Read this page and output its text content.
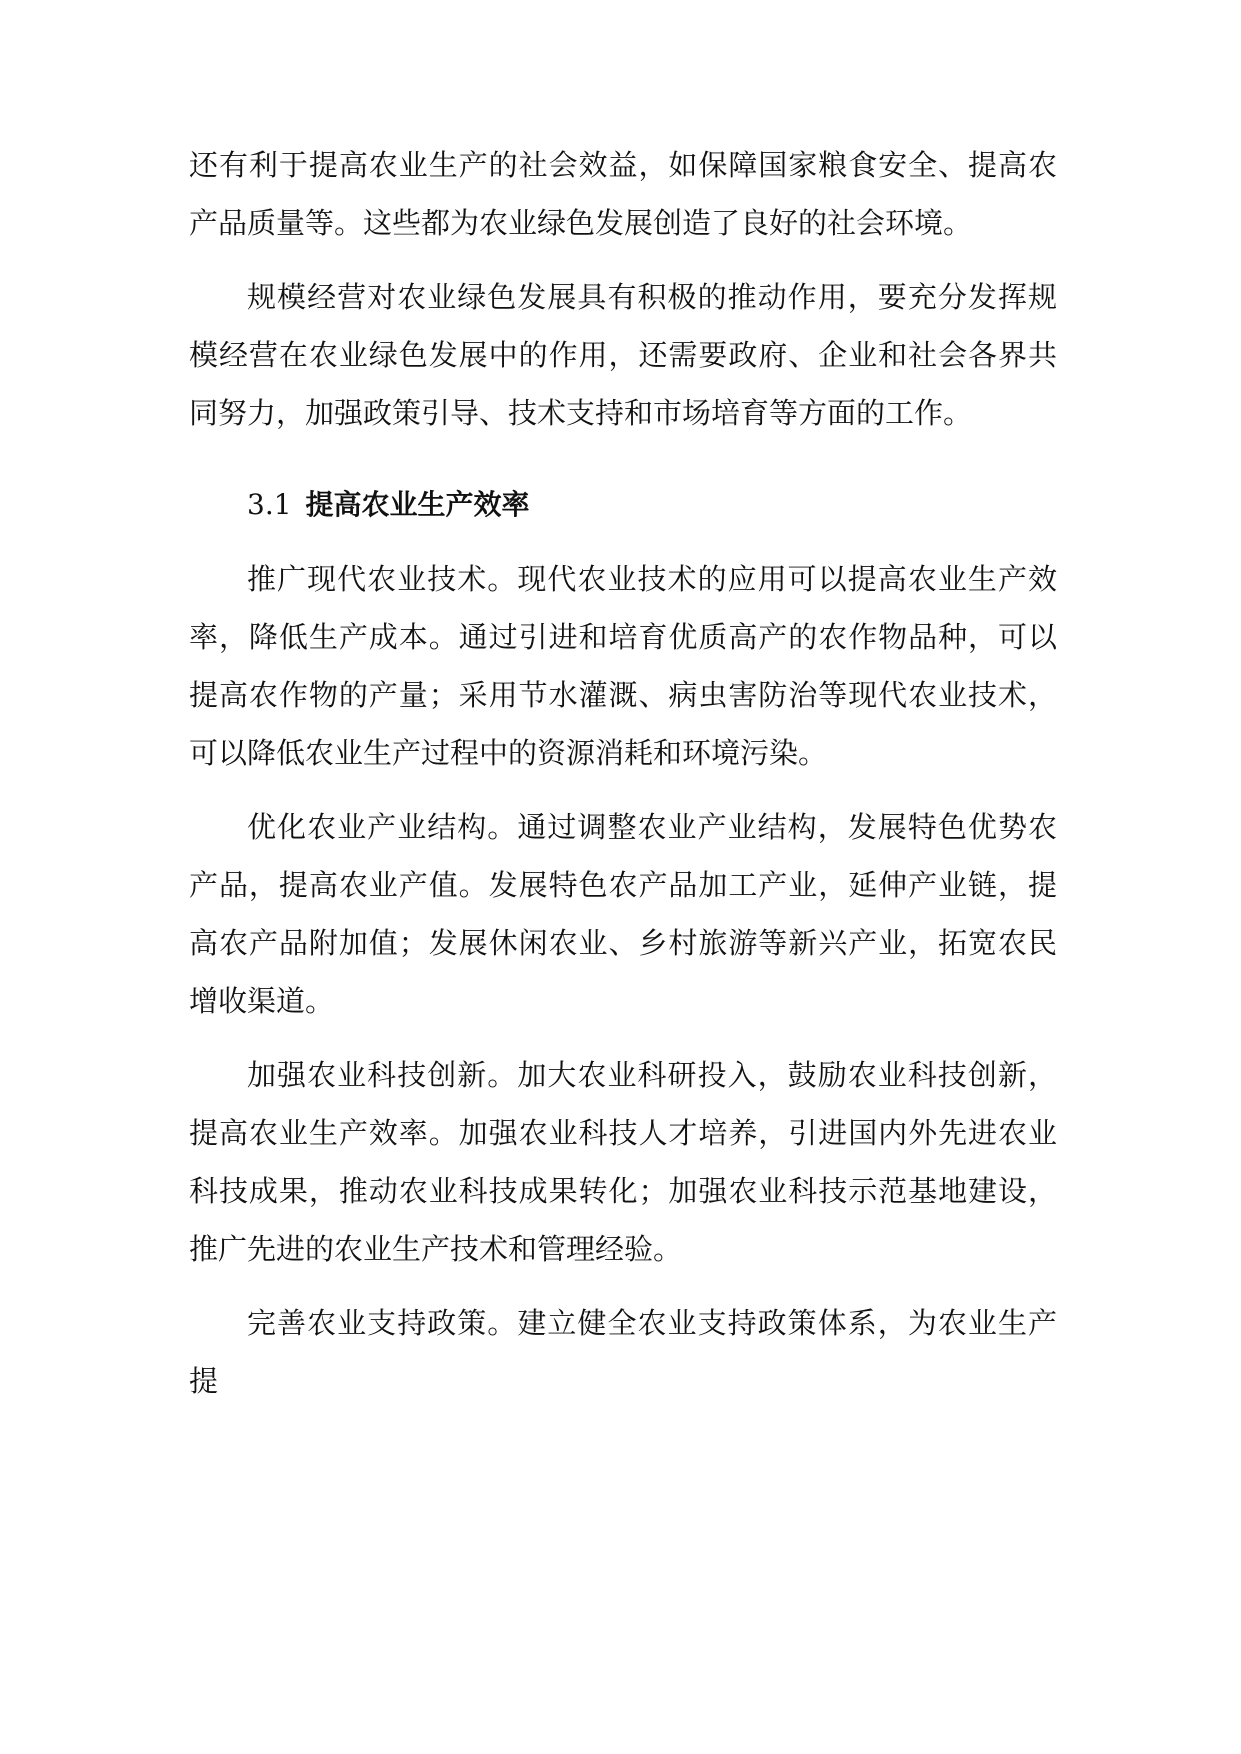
还有利于提高农业生产的社会效益，如保障国家粮食安全、提高农产品质量等。这些都为农业绿色发展创造了良好的社会环境。

规模经营对农业绿色发展具有积极的推动作用，要充分发挥规模经营在农业绿色发展中的作用，还需要政府、企业和社会各界共同努力，加强政策引导、技术支持和市场培育等方面的工作。

3.1 提高农业生产效率

推广现代农业技术。现代农业技术的应用可以提高农业生产效率，降低生产成本。通过引进和培育优质高产的农作物品种，可以提高农作物的产量；采用节水灌溉、病虫害防治等现代农业技术，可以降低农业生产过程中的资源消耗和环境污染。

优化农业产业结构。通过调整农业产业结构，发展特色优势农产品，提高农业产值。发展特色农产品加工产业，延伸产业链，提高农产品附加值；发展休闲农业、乡村旅游等新兴产业，拓宽农民增收渠道。

加强农业科技创新。加大农业科研投入，鼓励农业科技创新，提高农业生产效率。加强农业科技人才培养，引进国内外先进农业科技成果，推动农业科技成果转化；加强农业科技示范基地建设，推广先进的农业生产技术和管理经验。

完善农业支持政策。建立健全农业支持政策体系，为农业生产提
